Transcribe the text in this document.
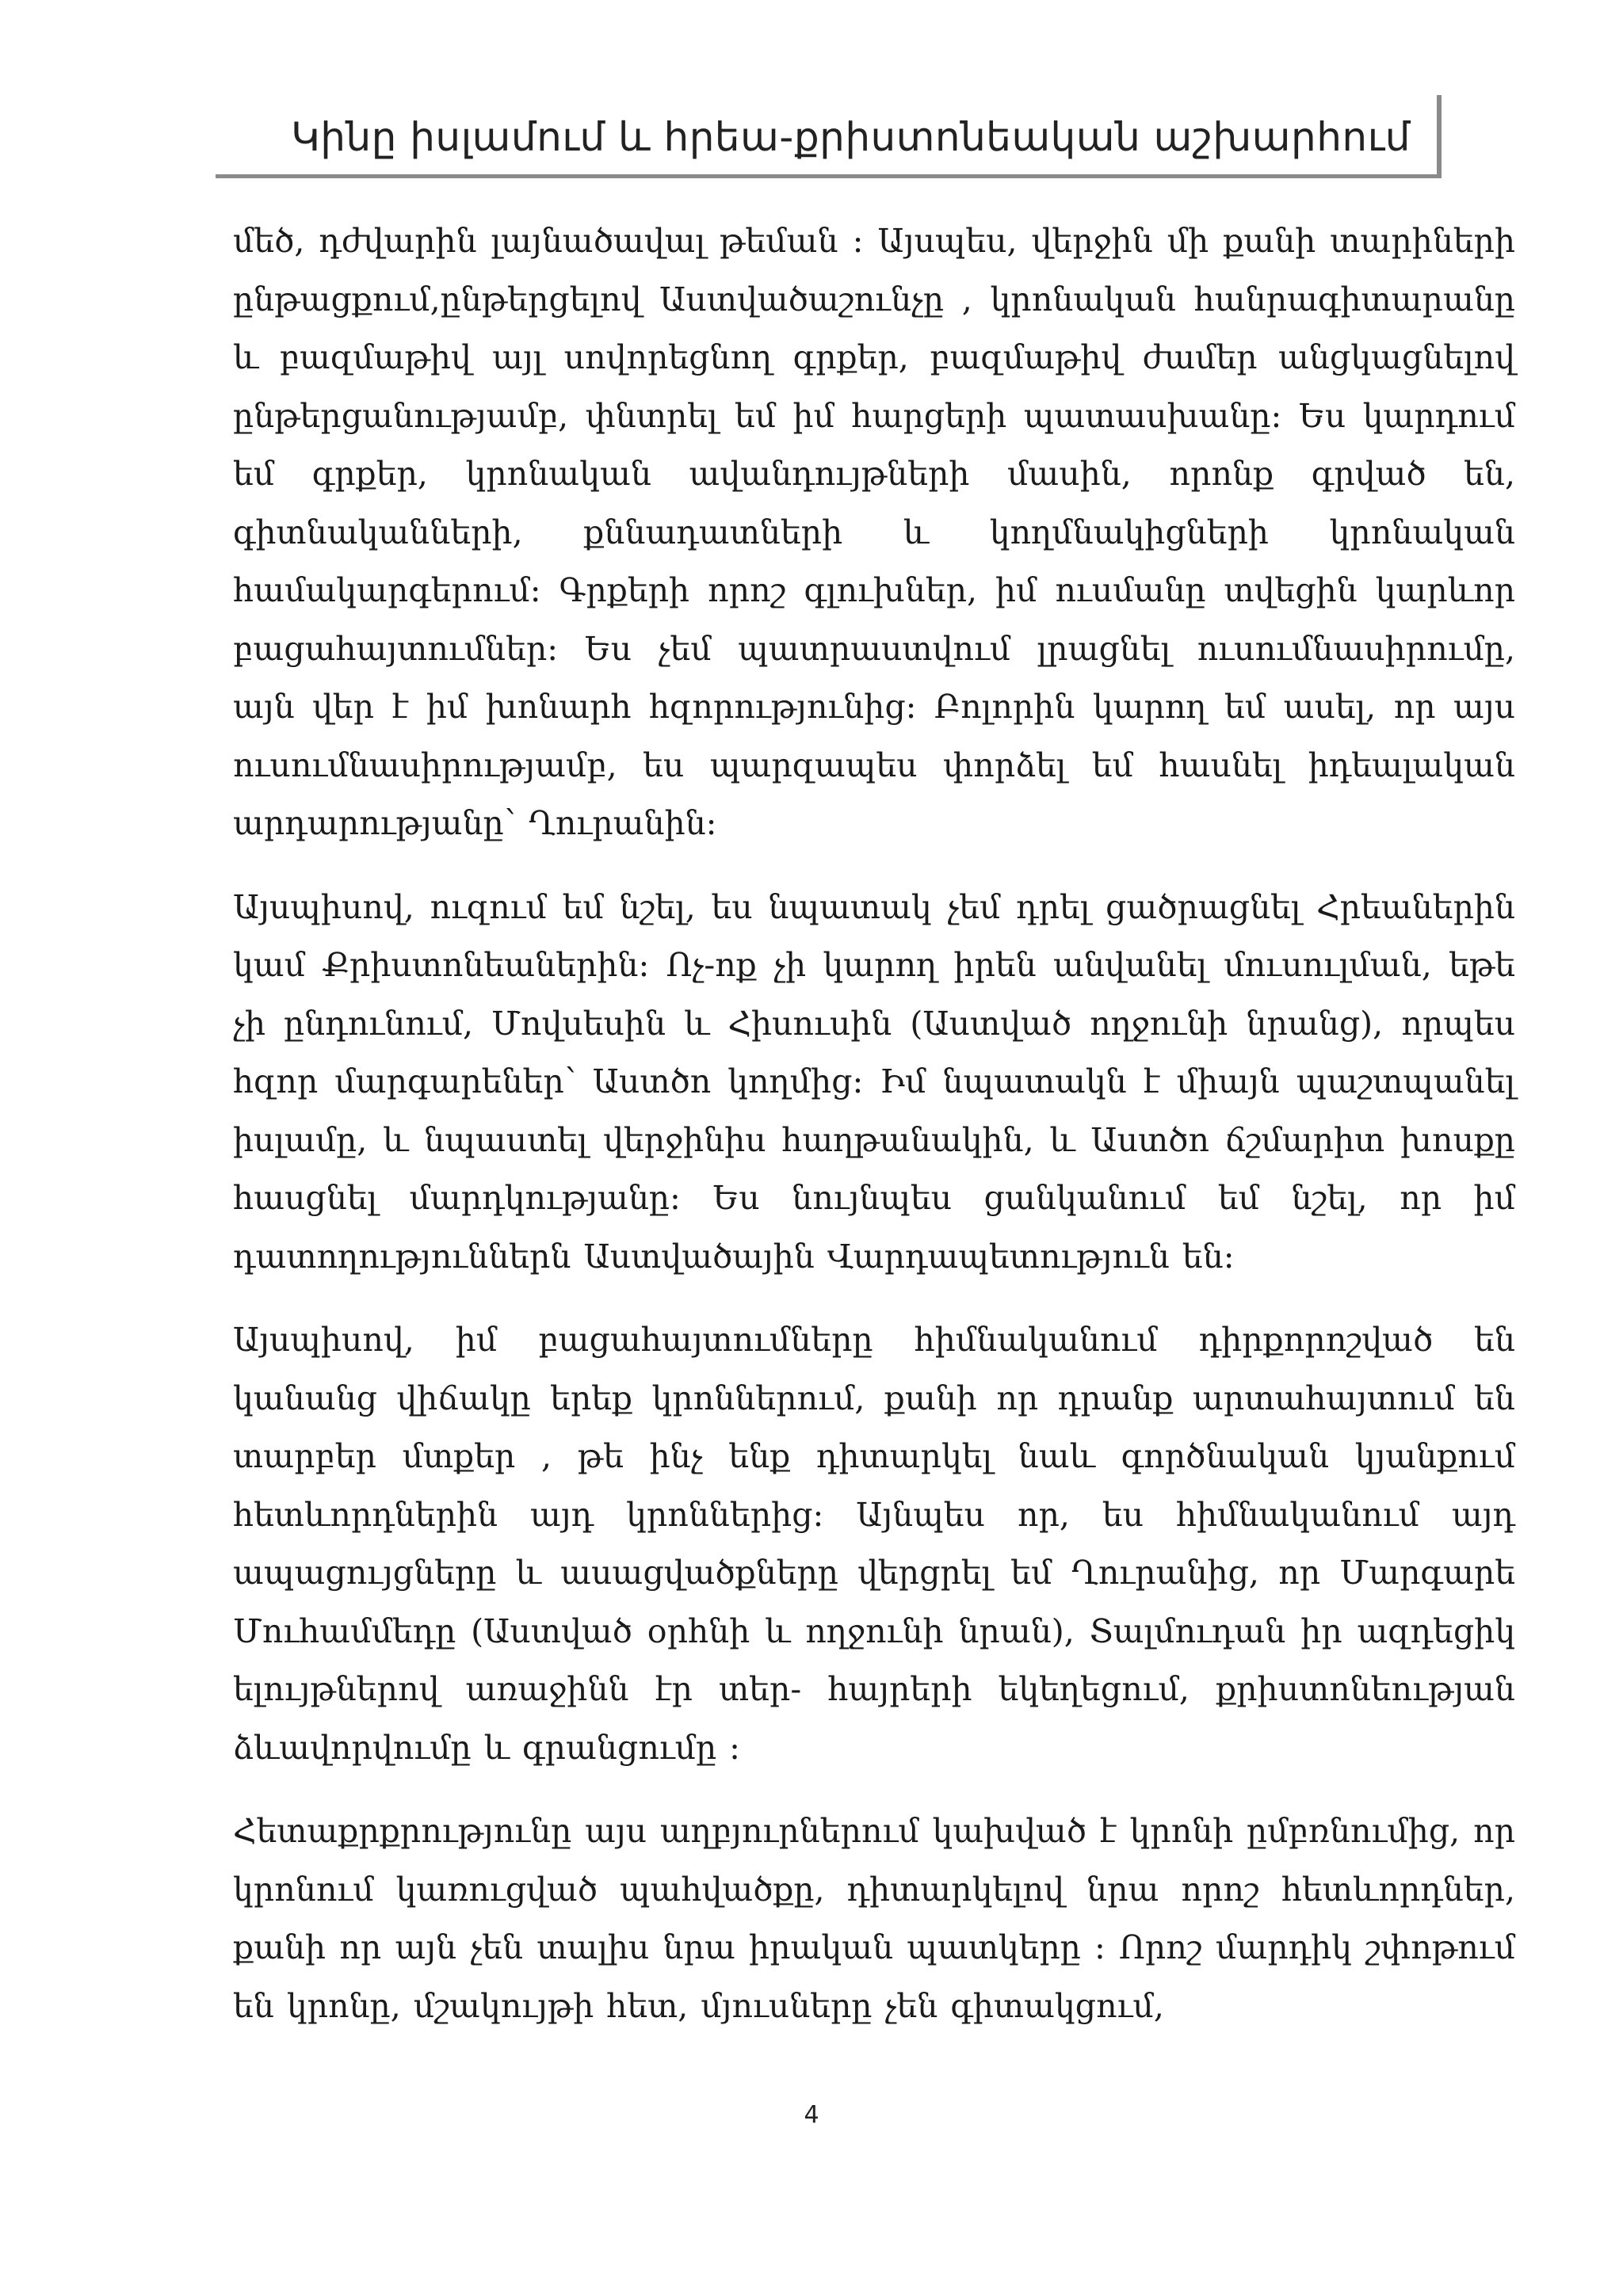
Կինը իսլամում և հրեա-քրիստոնեական աշխարհում

մեծ, դժվարին լայնածավալ թեման ։ Այսպես, վերջին մի քանի տարիների ընթացքում,ընթերցելով Աստվածաշունչը , կրոնական հանրագիտարանը և բազմաթիվ այլ սովորեցնող գրքեր, բազմաթիվ ժամեր անցկացնելով ընթերցանությամբ, փնտրել եմ իմ հարցերի պատասխանը: Ես կարդում եմ գրքեր, կրոնական ավանդույթների մասին, որոնք գրված են, գիտնականների, քննադատների և կողմնակիցների կրոնական համակարգերում: Գրքերի որոշ գլուխներ, իմ ուսմանը տվեցին կարևոր բացահայտումներ: Ես չեմ պատրաստվում լրացնել ուսումնասիրումը, այն վեր է իմ խոնարհ հզորությունից: Բոլորին կարող եմ ասել, որ այս ուսումնասիրությամբ, ես պարզապես փորձել եմ հասնել իդեալական արդարությանը՝ Ղուրանին:

Այսպիսով, ուզում եմ նշել, ես նպատակ չեմ դրել ցածրացնել Հրեաներին կամ Քրիստոնեաներին: Ոչ-ոք չի կարող իրեն անվանել մուսուլման, եթե չի ընդունում, Մովսեսին և Հիսուսին (Աստված ողջունի նրանց), որպես հզոր մարգարեներ՝ Աստծո կողմից: Իմ նպատակն է միայն պաշտպանել իսլամը, և նպաստել վերջինիս հաղթանակին, և Աստծո ճշմարիտ խոսքը հասցնել մարդկությանը: Ես նույնպես ցանկանում եմ նշել, որ իմ դատողություններն Աստվածային Վարդապետություն են:

Այսպիսով, իմ բացահայտումները հիմնականում դիրքորոշված են կանանց վիճակը երեք կրոններում, քանի որ դրանք արտահայտում են տարբեր մտքեր , թե ինչ ենք դիտարկել նաև գործնական կյանքում հետևորդներին այդ կրոններից: Այնպես որ, ես հիմնականում այդ ապացույցները և ասացվածքները վերցրել եմ Ղուրանից, որ Մարգարե Մուհամմեդը (Աստված օրհնի և ողջունի նրան), Տալմուդան իր ազդեցիկ ելույթներով առաջինն էր տեր- հայրերի եկեղեցում, քրիստոնեության ձևավորվումը և գրանցումը :

Հետաքրքրությունը այս աղբյուրներում կախված է կրոնի ըմբռնումից, որ կրոնում կառուցված պահվածքը, դիտարկելով նրա որոշ հետևորդներ, քանի որ այն չեն տալիս նրա իրական պատկերը : Որոշ մարդիկ շփոթում են կրոնը, մշակույթի հետ, մյուսները չեն գիտակցում,

4
